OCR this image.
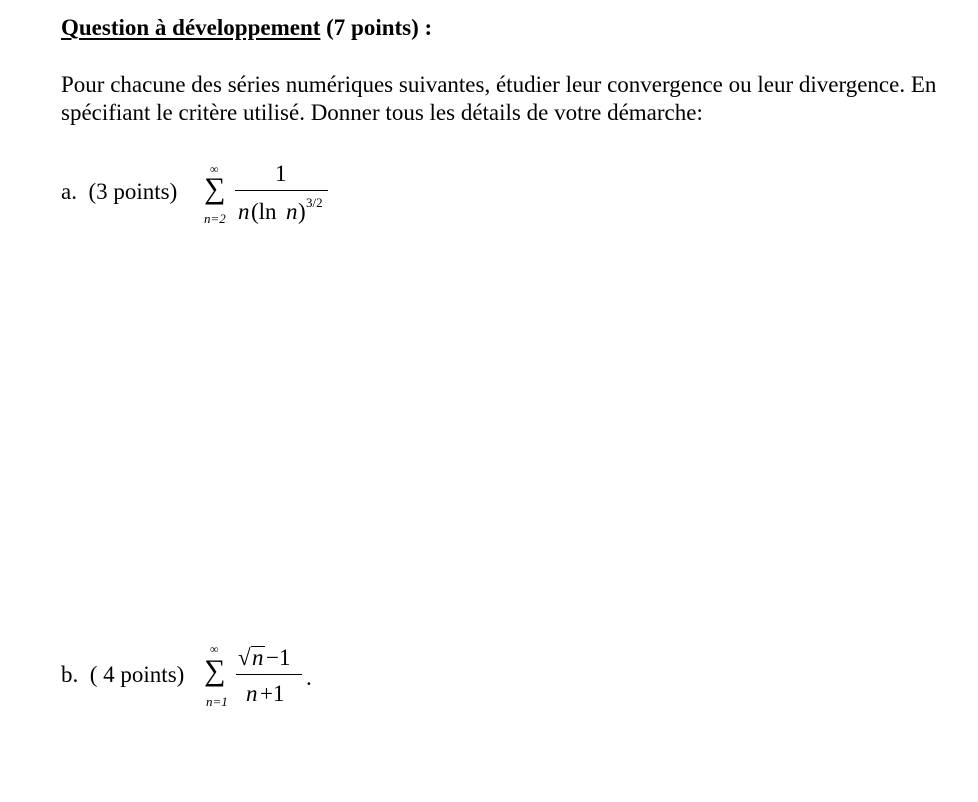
Question à développement (7 points) :

Pour chacune des séries numériques suivantes, étudier leur convergence ou leur divergence. En spécifiant le critère utilisé. Donner tous les détails de votre démarche:

a. (3 points)
∞
∑
n=2
1
n (ln n ) 3/2
b. ( 4 points)
∞
∑
n=1
√ n −1
n +1
.
